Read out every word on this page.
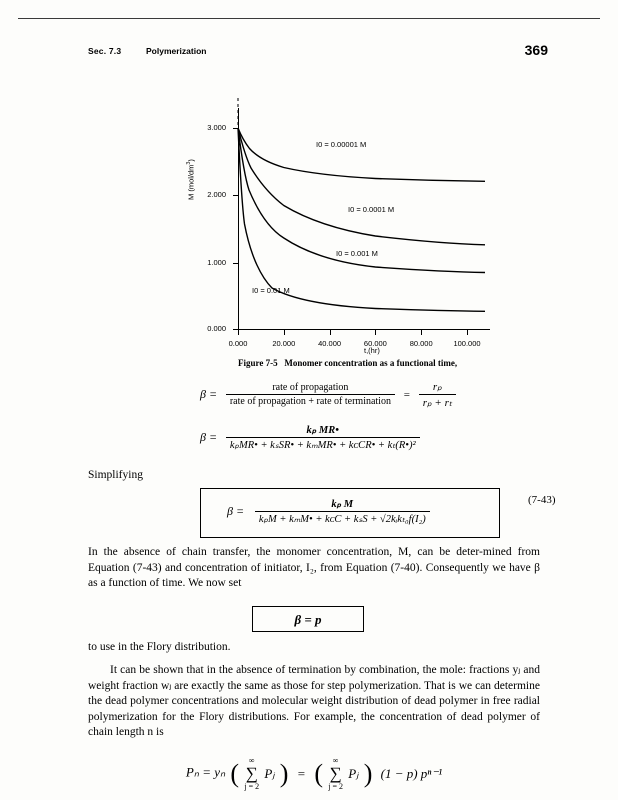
Sec. 7.3	Polymerization	369
3.000
2.000
1.000
0.000
0.000	20.000	40.000	60.000	80.000	100.000
I0 = 0.00001 M
I0 = 0.0001 M
I0 = 0.001 M
I0 = 0.01 M
M $(mol/dm^3)$
t,(hr)
Figure 7-5 Monomer concentration as a functional time,
$\beta = \frac{\text{rate of propagation}}{\text{rate of propagation + rate of termination}} = \frac{\text{rₚ}}{\text{rₚ + rₜ}}$
$\beta = \frac{\text{kₚ MR•}}{\text{kₚMR• + kₛSR• + kₘMR• + kᴄCR• + kₜ(R•)²}}$
Simplifying
$\beta = \frac{\text{kₚ M}}{\text{kₚM + kₘM• + kᴄC + kₛS + √2kᵢkₜ₀f(I₂)}}$	(7-43)
In the absence of chain transfer, the monomer concentration, M, can be deter-mined from Equation (7-43) and concentration of initiator, I₂, from Equation (7-40). Consequently we have β as a function of time. We now set
β = p
to use in the Flory distribution.
It can be shown that in the absence of termination by combination, the mole: fractions yⱼ and weight fraction wⱼ are exactly the same as those for step polymerization. That is we can determine the dead polymer concentrations and molecular weight distribution of dead polymer in free radial polymerization for the Flory distributions. For example, the concentration of dead polymer of chain length n is
Pₙ = yₙ (	∞
∑
j = 2
Pⱼ ) = (	∞
∑
j = 2
Pⱼ ) (1 − p) pⁿ⁻¹
